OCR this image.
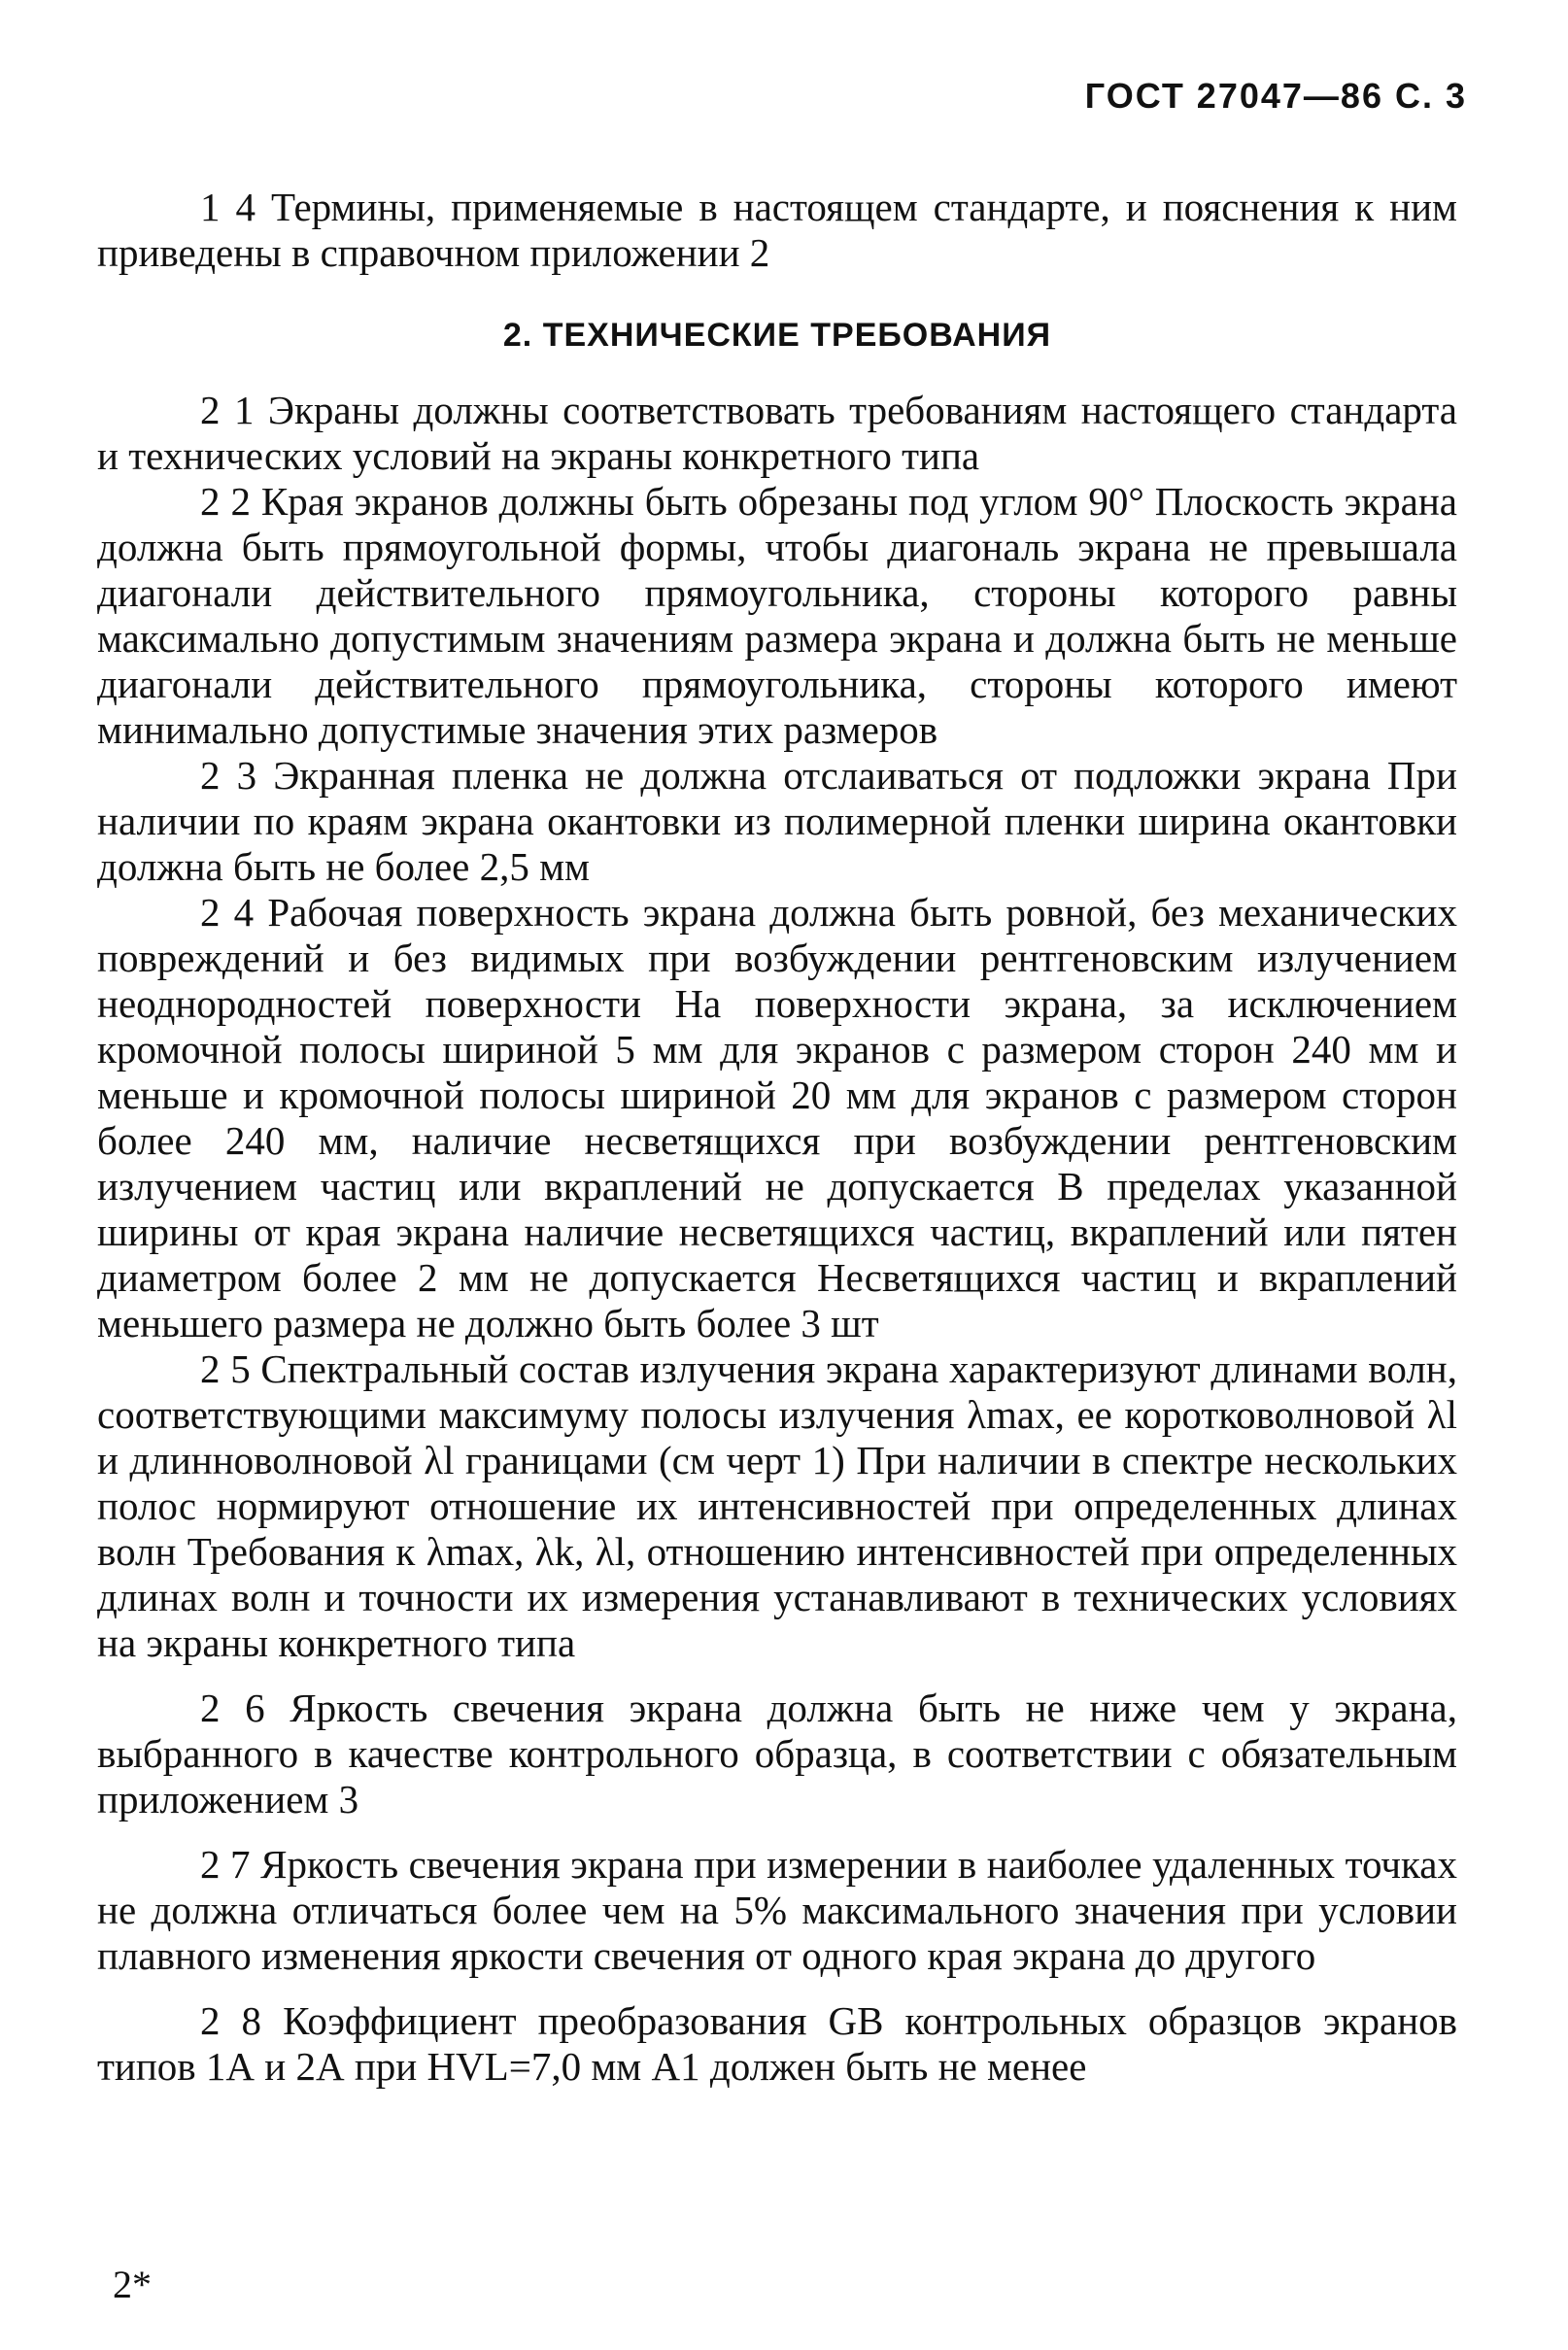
ГОСТ 27047—86 С. 3

1 4 Термины, применяемые в настоящем стандарте, и пояснения к ним приведены в справочном приложении 2

2. ТЕХНИЧЕСКИЕ ТРЕБОВАНИЯ

2 1 Экраны должны соответствовать требованиям настоящего стандарта и технических условий на экраны конкретного типа

2 2 Края экранов должны быть обрезаны под углом 90° Плоскость экрана должна быть прямоугольной формы, чтобы диагональ экрана не превышала диагонали действительного прямоугольника, стороны которого равны максимально допустимым значениям размера экрана и должна быть не меньше диагонали действительного прямоугольника, стороны которого имеют минимально допустимые значения этих размеров

2 3 Экранная пленка не должна отслаиваться от подложки экрана При наличии по краям экрана окантовки из полимерной пленки ширина окантовки должна быть не более 2,5 мм

2 4 Рабочая поверхность экрана должна быть ровной, без механических повреждений и без видимых при возбуждении рентгеновским излучением неоднородностей поверхности На поверхности экрана, за исключением кромочной полосы шириной 5 мм для экранов с размером сторон 240 мм и меньше и кромочной полосы шириной 20 мм для экранов с размером сторон более 240 мм, наличие несветящихся при возбуждении рентгеновским излучением частиц или вкраплений не допускается В пределах указанной ширины от края экрана наличие несветящихся частиц, вкраплений или пятен диаметром более 2 мм не допускается Несветящихся частиц и вкраплений меньшего размера не должно быть более 3 шт

2 5 Спектральный состав излучения экрана характеризуют длинами волн, соответствующими максимуму полосы излучения λmax, ее коротковолновой λl и длинноволновой λl границами (см черт 1) При наличии в спектре нескольких полос нормируют отношение их интенсивностей при определенных длинах волн Требования к λmax, λk, λl, отношению интенсивностей при определенных длинах волн и точности их измерения устанавливают в технических условиях на экраны конкретного типа

2 6 Яркость свечения экрана должна быть не ниже чем у экрана, выбранного в качестве контрольного образца, в соответствии с обязательным приложением 3

2 7 Яркость свечения экрана при измерении в наиболее удаленных точках не должна отличаться более чем на 5% максимального значения при условии плавного изменения яркости свечения от одного края экрана до другого

2 8 Коэффициент преобразования GB контрольных образцов экранов типов 1А и 2А при HVL=7,0 мм А1 должен быть не менее

2*
